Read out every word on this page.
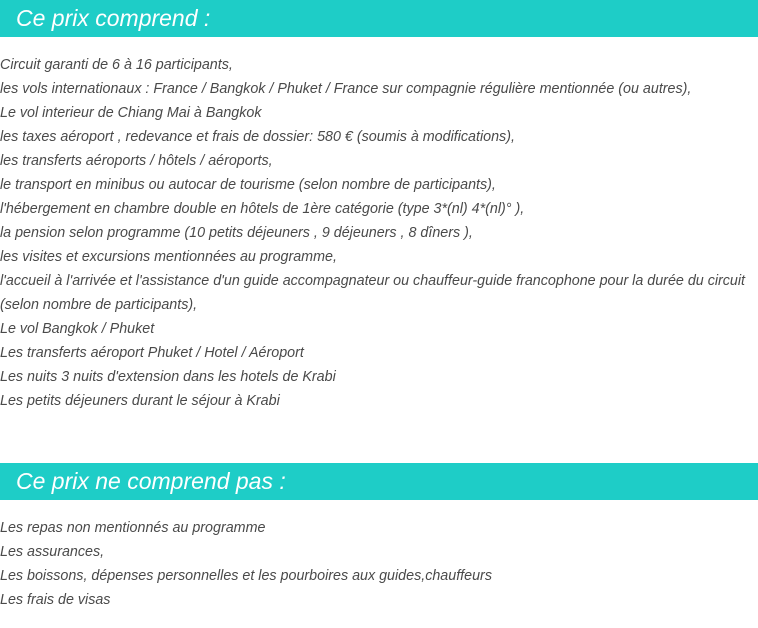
Ce prix comprend :
Circuit garanti de 6 à 16 participants,
les vols internationaux : France / Bangkok / Phuket / France sur compagnie régulière mentionnée (ou autres),
Le vol interieur de Chiang Mai à Bangkok
les taxes aéroport , redevance et frais de dossier: 580 € (soumis à modifications),
les transferts aéroports / hôtels / aéroports,
le transport en minibus ou autocar de tourisme (selon nombre de participants),
l'hébergement en chambre double en hôtels de 1ère catégorie (type 3*(nl) 4*(nl)° ),
la pension selon programme (10 petits déjeuners , 9 déjeuners , 8 dîners ),
les visites et excursions mentionnées au programme,
l'accueil à l'arrivée et l'assistance d'un guide accompagnateur ou chauffeur-guide francophone pour la durée du circuit
(selon nombre de participants),
Le vol Bangkok / Phuket
Les transferts aéroport Phuket / Hotel / Aéroport
Les nuits 3 nuits d'extension dans les hotels de Krabi
Les petits déjeuners durant le séjour à Krabi
Ce prix ne comprend pas :
Les repas non mentionnés au programme
Les assurances,
Les boissons, dépenses personnelles et les pourboires aux guides,chauffeurs
Les frais de visas
